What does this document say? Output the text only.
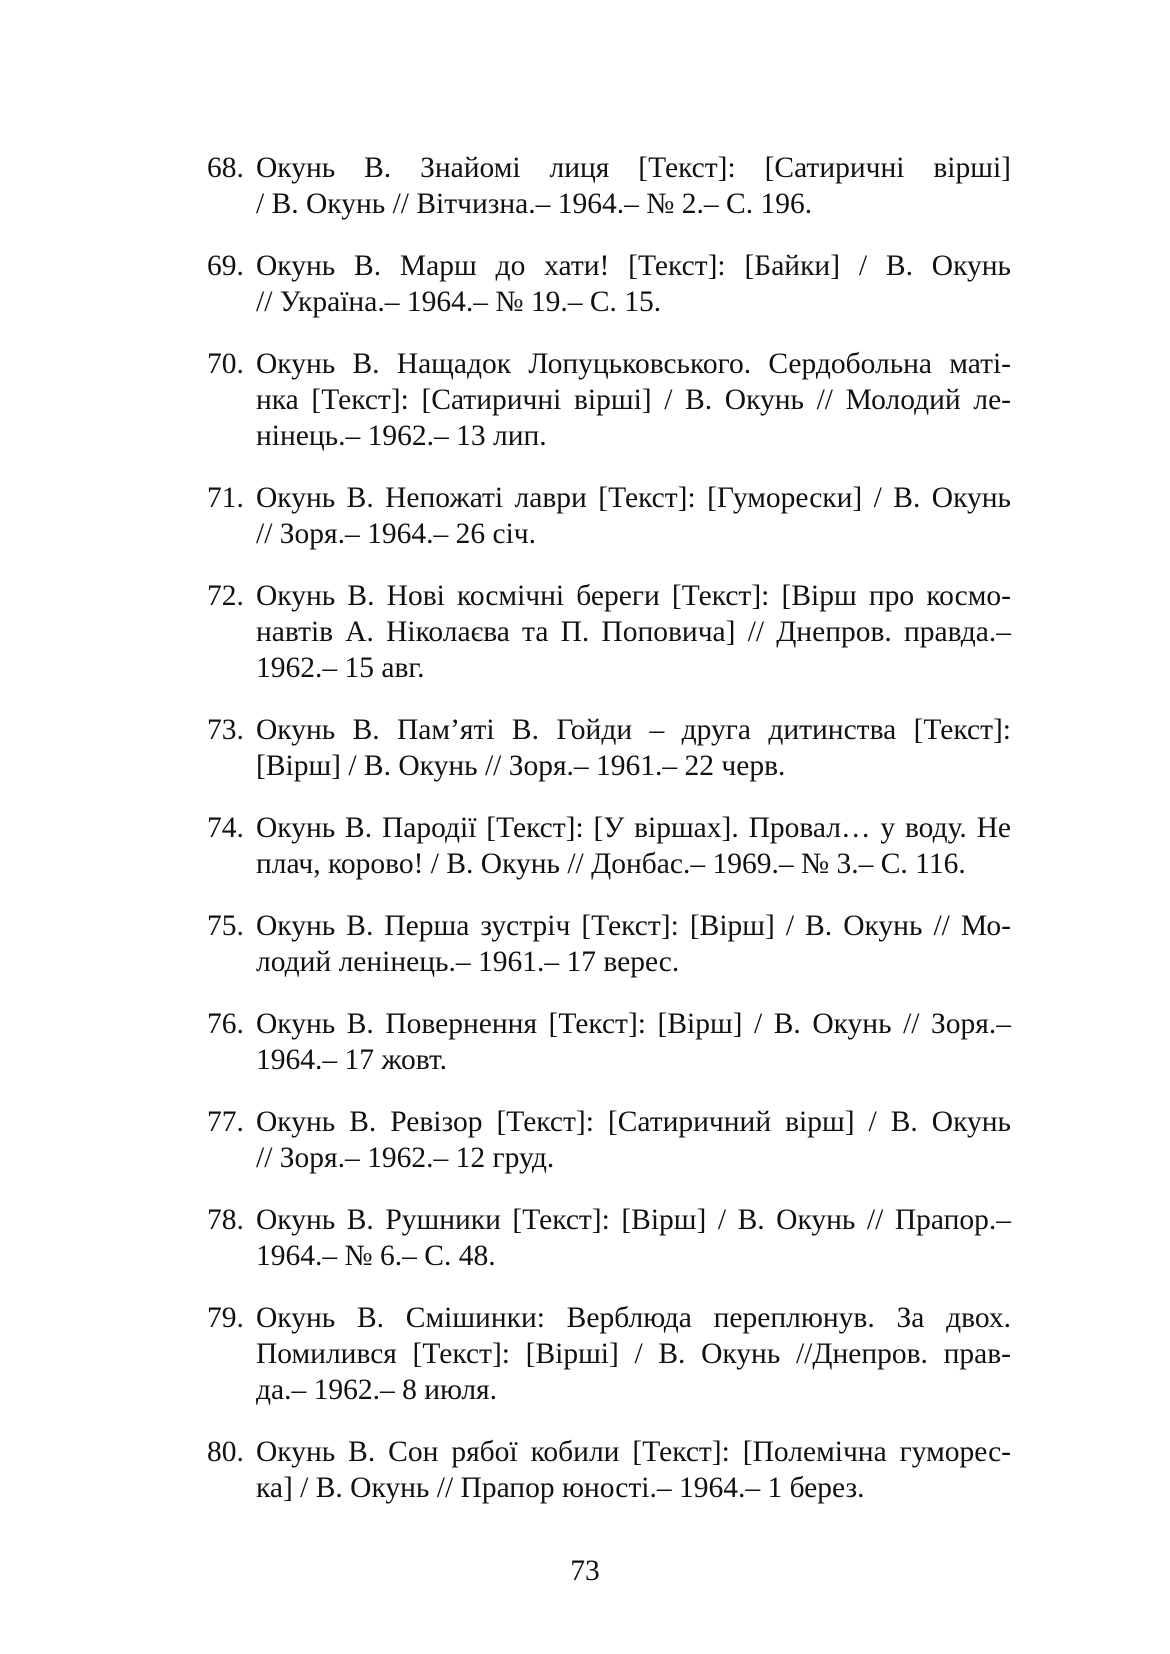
68. Окунь В. Знайомі лиця [Текст]: [Сатиричні вірші]
/ В. Окунь // Вітчизна.– 1964.– № 2.– С. 196.
69. Окунь В. Марш до хати! [Текст]: [Байки] / В. Окунь
// Україна.– 1964.– № 19.– С. 15.
70. Окунь В. Нащадок Лопуцьковського. Сердобольна маті-
нка [Текст]: [Сатиричні вірші] / В. Окунь // Молодий ле-
нінець.– 1962.– 13 лип.
71. Окунь В. Непожаті лаври [Текст]: [Гуморески] / В. Окунь
// Зоря.– 1964.– 26 січ.
72. Окунь В. Нові космічні береги [Текст]: [Вірш про космо-
навтів А. Ніколаєва та П. Поповича] // Днепров. правда.–
1962.– 15 авг.
73. Окунь В. Пам’яті В. Гойди – друга дитинства [Текст]:
[Вірш] / В. Окунь // Зоря.– 1961.– 22 черв.
74. Окунь В. Пародії [Текст]: [У віршах]. Провал… у воду. Не
плач, корово! / В. Окунь // Донбас.– 1969.– № 3.– С. 116.
75. Окунь В. Перша зустріч [Текст]: [Вірш] / В. Окунь // Мо-
лодий ленінець.– 1961.– 17 верес.
76. Окунь В. Повернення [Текст]: [Вірш] / В. Окунь // Зоря.–
1964.– 17 жовт.
77. Окунь В. Ревізор [Текст]: [Сатиричний вірш] / В. Окунь
// Зоря.– 1962.– 12 груд.
78. Окунь В. Рушники [Текст]: [Вірш] / В. Окунь // Прапор.–
1964.– № 6.– С. 48.
79. Окунь В. Смішинки: Верблюда переплюнув. За двох.
Помилився [Текст]: [Вірші] / В. Окунь //Днепров. прав-
да.– 1962.– 8 июля.
80. Окунь В. Сон рябої кобили [Текст]: [Полемічна гуморес-
ка] / В. Окунь // Прапор юності.– 1964.– 1 берез.
73
